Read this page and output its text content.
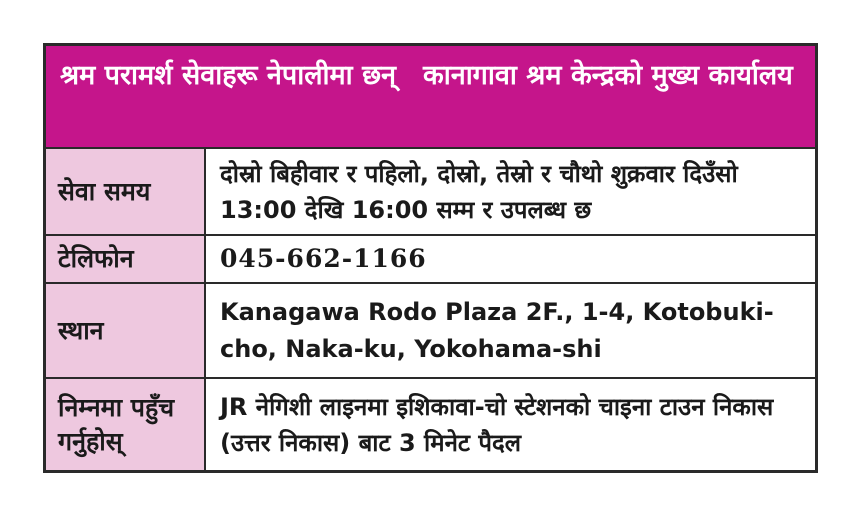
श्रम परामर्श सेवाहरू नेपालीमा छन् कानागावा श्रम केन्द्रको मुख्य कार्यालय
सेवा समय
दोस्रो बिहीवार र पहिलो, दोस्रो, तेस्रो र चौथो शुक्रवार दिउँसो 13:00 देखि 16:00 सम्म र उपलब्ध छ
टेलिफोन	045-662-1166
स्थान
Kanagawa Rodo Plaza 2F., 1-4, Kotobuki-cho, Naka-ku, Yokohama-shi
निम्नमा पहुँच गर्नुहोस्
JR नेगिशी लाइनमा इशिकावा-चो स्टेशनको चाइना टाउन निकास (उत्तर निकास) बाट 3 मिनेट पैदल
